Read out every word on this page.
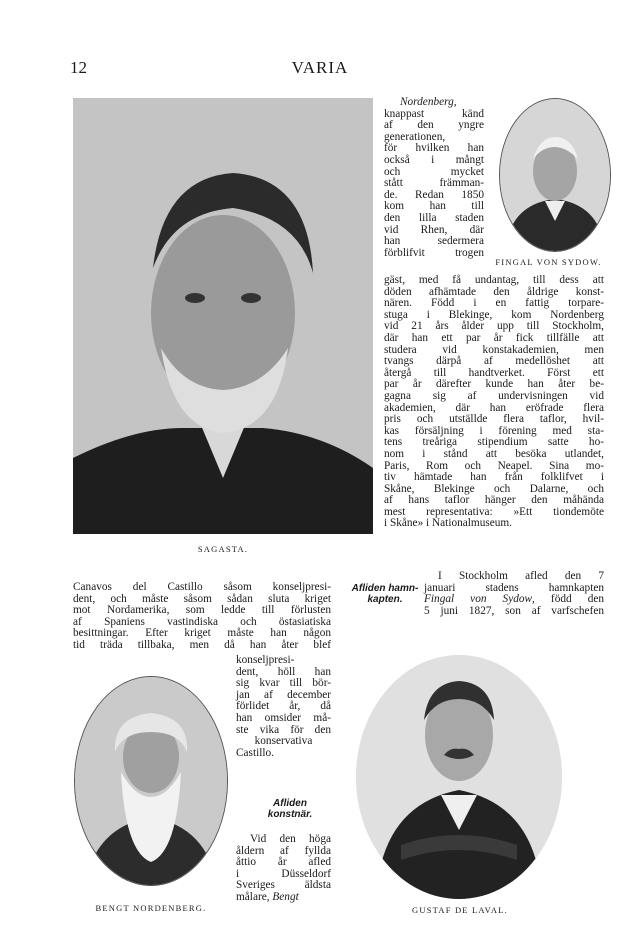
12	VARIA
SAGASTA.
FINGAL VON SYDOW.
Nordenberg,
knappast känd
af den yngre
generationen,
för hvilken han
också i mångt
och mycket
stått främman-
de. Redan 1850
kom han till
den lilla staden
vid Rhen, där
han sedermera
förblifvit trogen
gäst, med få undantag, till dess att
döden afhämtade den åldrige konst-
nären. Född i en fattig torpare-
stuga i Blekinge, kom Nordenberg
vid 21 års ålder upp till Stockholm,
där han ett par år fick tillfälle att
studera vid konstakademien, men
tvangs därpå af medellöshet att
återgå till handtverket. Först ett
par år därefter kunde han åter be-
gagna sig af undervisningen vid
akademien, där han eröfrade flera
pris och utställde flera taflor, hvil-
kas försäljning i förening med sta-
tens treåriga stipendium satte ho-
nom i stånd att besöka utlandet,
Paris, Rom och Neapel. Sina mo-
tiv hämtade han från folklifvet i
Skåne, Blekinge och Dalarne, och
af hans taflor hänger den måhända
mest representativa: »Ett tiondemöte
i Skåne» i Nationalmuseum.
I Stockholm afled den 7
januari stadens hamnkapten
Fingal von Sydow, född den
5 juni 1827, son af varfschefen
Afliden hamn-
kapten.
Canavos del Castillo såsom konseljpresi-
dent, och måste såsom sådan sluta kriget
mot Nordamerika, som ledde till förlusten
af Spaniens vastindiska och östasiatiska
besittningar. Efter kriget måste han någon
tid träda tillbaka, men då han åter blef
BENGT NORDENBERG.
konseljpresi-
dent, höll han
sig kvar till bör-
jan af december
förlidet år, då
han omsider må-
ste vika för den
konservativa
Castillo.
Afliden
konstnär.
Vid den höga
åldern af fyllda
åttio år afled
i Düsseldorf
Sveriges äldsta
målare, Bengt
GUSTAF DE LAVAL.
